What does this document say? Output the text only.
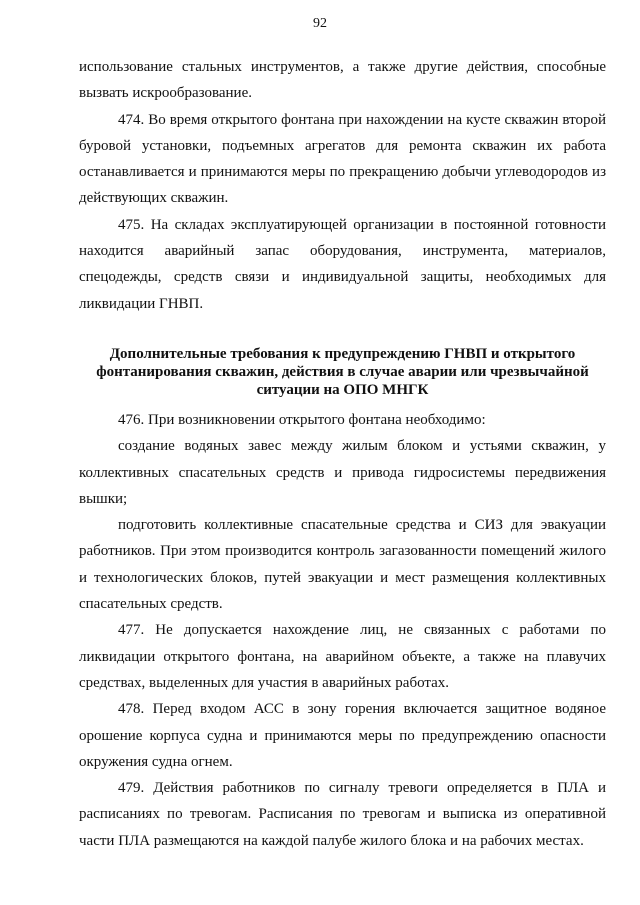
92

использование стальных инструментов, а также другие действия, способные вызвать искрообразование.

474. Во время открытого фонтана при нахождении на кусте скважин второй буровой установки, подъемных агрегатов для ремонта скважин их работа останавливается и принимаются меры по прекращению добычи углеводородов из действующих скважин.

475. На складах эксплуатирующей организации в постоянной готовности находится аварийный запас оборудования, инструмента, материалов, спецодежды, средств связи и индивидуальной защиты, необходимых для ликвидации ГНВП.

Дополнительные требования к предупреждению ГНВП и открытого фонтанирования скважин, действия в случае аварии или чрезвычайной ситуации на ОПО МНГК

476. При возникновении открытого фонтана необходимо:

создание водяных завес между жилым блоком и устьями скважин, у коллективных спасательных средств и привода гидросистемы передвижения вышки;

подготовить коллективные спасательные средства и СИЗ для эвакуации работников. При этом производится контроль загазованности помещений жилого и технологических блоков, путей эвакуации и мест размещения коллективных спасательных средств.

477. Не допускается нахождение лиц, не связанных с работами по ликвидации открытого фонтана, на аварийном объекте, а также на плавучих средствах, выделенных для участия в аварийных работах.

478. Перед входом АСС в зону горения включается защитное водяное орошение корпуса судна и принимаются меры по предупреждению опасности окружения судна огнем.

479. Действия работников по сигналу тревоги определяется в ПЛА и расписаниях по тревогам. Расписания по тревогам и выписка из оперативной части ПЛА размещаются на каждой палубе жилого блока и на рабочих местах.
